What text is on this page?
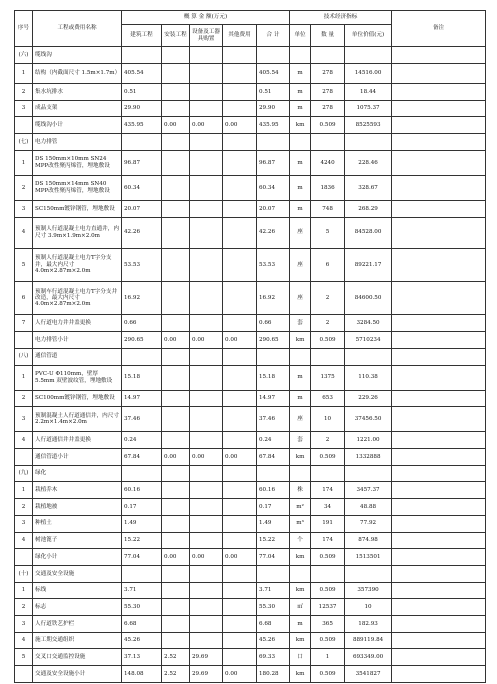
序号	工程或费用名称	概 算 金 额(万元)					技术经济指标			备注
		建筑工程	安装工程	设备及工器具购置	其他费用	合 计	单位	数 量	单位价值(元)	
(六)	缆线沟									
1	结构（内截面尺寸 1.5m×1.7m）	405.54				405.54	m	278	14516.00	
2	集水坑排水	0.51				0.51	m	278	18.44	
3	成品支架	29.90				29.90	m	278	1075.37	
	缆线沟小计	435.95	0.00	0.00	0.00	435.95	km	0.509	8525593	
(七)	电力排管									
1	DS 150mm×10mm SN24 MPP改性聚丙烯管，埋地敷设	96.87				96.87	m	4240	228.46	
2	DS 150mm×14mm SN40 MPP改性聚丙烯管，埋地敷设	60.34				60.34	m	1836	328.67	
3	SC150mm镀锌钢管，埋地敷设	20.07				20.07	m	748	268.29	
4	预制人行道混凝土电力直通井，内尺寸 3.9m×1.9m×2.0m	42.26				42.26	座	5	84528.00	
5	预制人行道混凝土电力T字分支井，最大内尺寸 4.0m×2.87m×2.0m	53.53				53.53	座	6	89221.17	
6	预制车行道混凝土电力T字分支井改造，最大内尺寸4.0m×2.87m×2.0m	16.92				16.92	座	2	84600.50	
7	人行道电力井井盖更换	0.66				0.66	套	2	3284.50	
	电力排管小计	290.65	0.00	0.00	0.00	290.65	km	0.509	5710234	
(八)	通信管道									
1	PVC-U Φ110mm，壁厚 5.5mm 双壁波纹管，埋地敷设	15.18				15.18	m	1375	110.38	
2	SC100mm镀锌钢管，埋地敷设	14.97				14.97	m	653	229.26	
3	预制混凝土人行道通信井，内尺寸 2.2m×1.4m×2.0m	37.46				37.46	座	10	37456.50	
4	人行道通信井井盖更换	0.24				0.24	套	2	1221.00	
	通信管道小计	67.84	0.00	0.00	0.00	67.84	km	0.509	1332888	
(九)	绿化									
1	栽植乔木	60.16				60.16	株	174	3457.37	
2	栽植地被	0.17				0.17	m²	34	48.88	
3	种植土	1.49				1.49	m³	191	77.92	
4	树池篦子	15.22				15.22	个	174	874.98	
	绿化小计	77.04	0.00	0.00	0.00	77.04	km	0.509	1513501	
(十)	交通及安全设施									
1	标线	3.71				3.71	km	0.509	357390	
2	标志	55.30				55.30	㎡	12537	10	
3	人行道铁艺护栏	6.68				6.68	m	365	182.93	
4	施工期交通组织	45.26				45.26	km	0.509	889119.84	
5	交叉口交通监控设施	37.13	2.52	29.69		69.33	口	1	693349.00	
	交通及安全设施小计	148.08	2.52	29.69	0.00	180.28	km	0.509	3541827	
